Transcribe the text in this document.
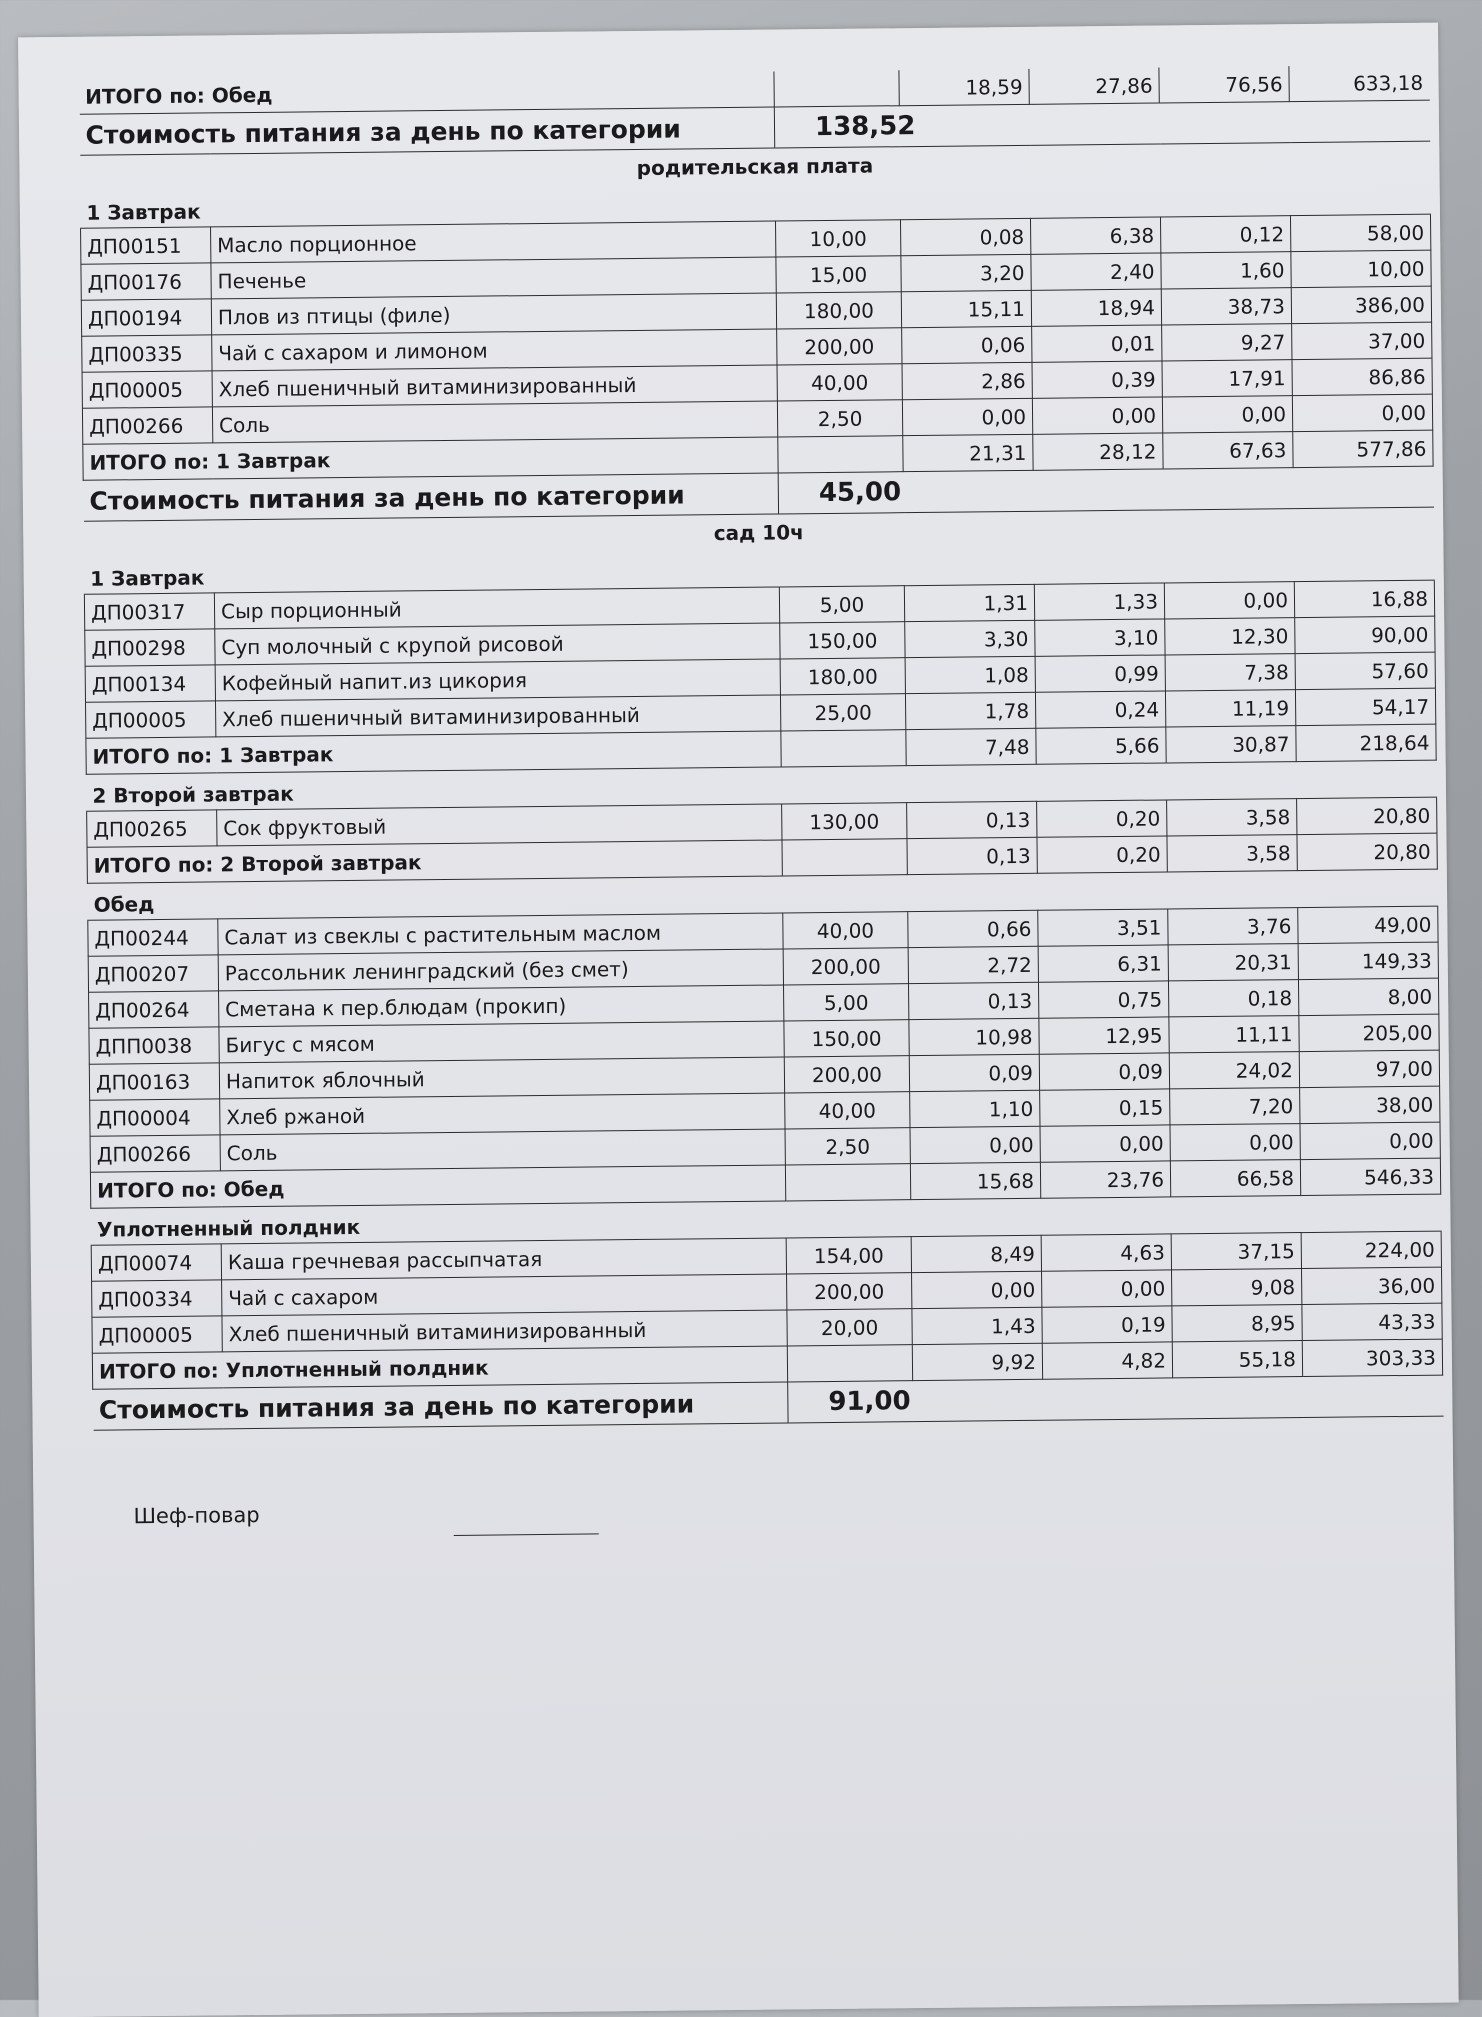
ИТОГО по: Обед			18,59	27,86	76,56	633,18
Стоимость питания за день по категории		138,52				
родительская плата						
1 Завтрак						
ДП00151	Масло порционное	10,00	0,08	6,38	0,12	58,00
ДП00176	Печенье	15,00	3,20	2,40	1,60	10,00
ДП00194	Плов из птицы (филе)	180,00	15,11	18,94	38,73	386,00
ДП00335	Чай с сахаром и лимоном	200,00	0,06	0,01	9,27	37,00
ДП00005	Хлеб пшеничный витаминизированный	40,00	2,86	0,39	17,91	86,86
ДП00266	Соль	2,50	0,00	0,00	0,00	0,00
ИТОГО по: 1 Завтрак			21,31	28,12	67,63	577,86
Стоимость питания за день по категории		45,00				
сад 10ч						
1 Завтрак						
ДП00317	Сыр порционный	5,00	1,31	1,33	0,00	16,88
ДП00298	Суп молочный с крупой рисовой	150,00	3,30	3,10	12,30	90,00
ДП00134	Кофейный напит.из цикория	180,00	1,08	0,99	7,38	57,60
ДП00005	Хлеб пшеничный витаминизированный	25,00	1,78	0,24	11,19	54,17
ИТОГО по: 1 Завтрак			7,48	5,66	30,87	218,64
2 Второй завтрак						
ДП00265	Сок фруктовый	130,00	0,13	0,20	3,58	20,80
ИТОГО по: 2 Второй завтрак			0,13	0,20	3,58	20,80
Обед						
ДП00244	Салат из свеклы с растительным маслом	40,00	0,66	3,51	3,76	49,00
ДП00207	Рассольник ленинградский (без смет)	200,00	2,72	6,31	20,31	149,33
ДП00264	Сметана к пер.блюдам (прокип)	5,00	0,13	0,75	0,18	8,00
ДПП0038	Бигус с мясом	150,00	10,98	12,95	11,11	205,00
ДП00163	Напиток яблочный	200,00	0,09	0,09	24,02	97,00
ДП00004	Хлеб ржаной	40,00	1,10	0,15	7,20	38,00
ДП00266	Соль	2,50	0,00	0,00	0,00	0,00
ИТОГО по: Обед			15,68	23,76	66,58	546,33
Уплотненный полдник						
ДП00074	Каша гречневая рассыпчатая	154,00	8,49	4,63	37,15	224,00
ДП00334	Чай с сахаром	200,00	0,00	0,00	9,08	36,00
ДП00005	Хлеб пшеничный витаминизированный	20,00	1,43	0,19	8,95	43,33
ИТОГО по: Уплотненный полдник			9,92	4,82	55,18	303,33
Стоимость питания за день по категории		91,00				
Шеф-повар
